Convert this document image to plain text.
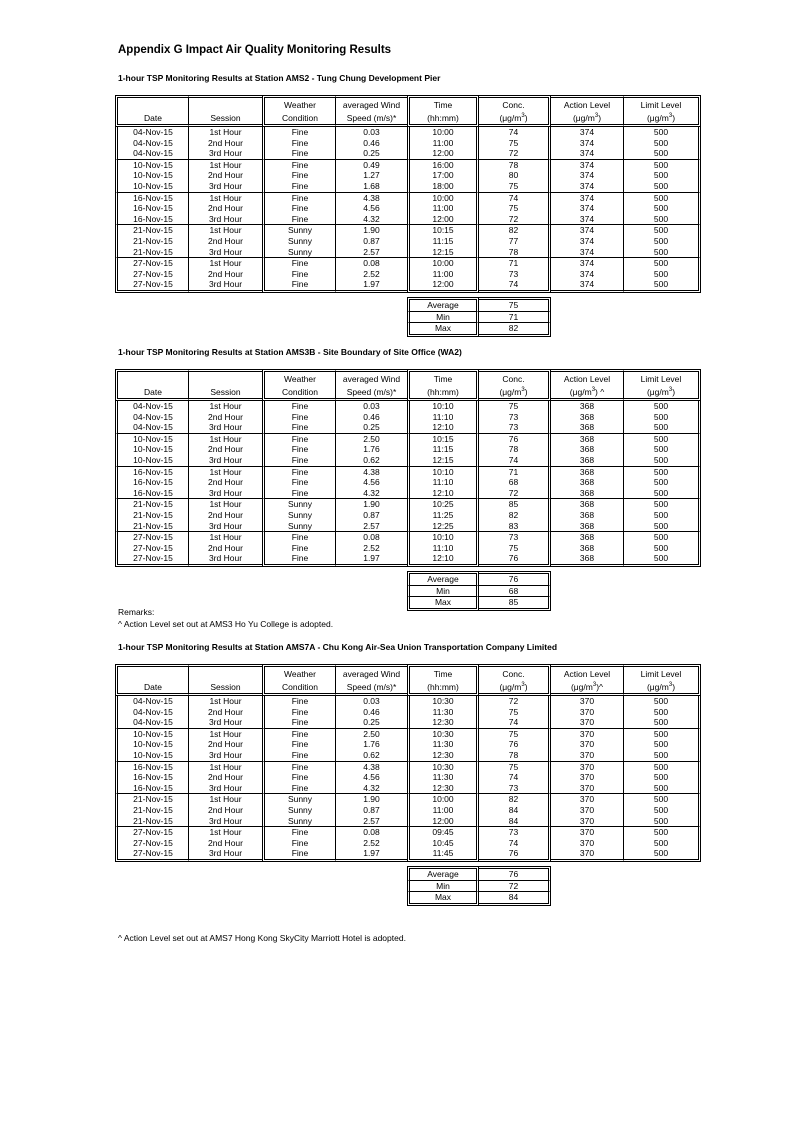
Appendix G Impact Air Quality Monitoring Results
1-hour TSP Monitoring Results at Station AMS2 - Tung Chung Development Pier
		Weather	averaged Wind	Time	Conc.	Action Level	Limit Level
Date	Session	Condition	Speed (m/s)*	(hh:mm)	$(\mu g/m^3)$	$(\mu g/m^3)$	$(\mu g/m^3)$
04-Nov-15	1st Hour	Fine	0.03	10:00	74	374	500
04-Nov-15	2nd Hour	Fine	0.46	11:00	75	374	500
04-Nov-15	3rd Hour	Fine	0.25	12:00	72	374	500
10-Nov-15	1st Hour	Fine	0.49	16:00	78	374	500
10-Nov-15	2nd Hour	Fine	1.27	17:00	80	374	500
10-Nov-15	3rd Hour	Fine	1.68	18:00	75	374	500
16-Nov-15	1st Hour	Fine	4.38	10:00	74	374	500
16-Nov-15	2nd Hour	Fine	4.56	11:00	75	374	500
16-Nov-15	3rd Hour	Fine	4.32	12:00	72	374	500
21-Nov-15	1st Hour	Sunny	1.90	10:15	82	374	500
21-Nov-15	2nd Hour	Sunny	0.87	11:15	77	374	500
21-Nov-15	3rd Hour	Sunny	2.57	12:15	78	374	500
27-Nov-15	1st Hour	Fine	0.08	10:00	71	374	500
27-Nov-15	2nd Hour	Fine	2.52	11:00	73	374	500
27-Nov-15	3rd Hour	Fine	1.97	12:00	74	374	500

				Average	75		
				Min	71		
				Max	82		
1-hour TSP Monitoring Results at Station AMS3B - Site Boundary of Site Office (WA2)
		Weather	averaged Wind	Time	Conc.	Action Level	Limit Level
Date	Session	Condition	Speed (m/s)*	(hh:mm)	$(\mu g/m^3)$	$(\mu g/m^3)$ ^	$(\mu g/m^3)$
04-Nov-15	1st Hour	Fine	0.03	10:10	75	368	500
04-Nov-15	2nd Hour	Fine	0.46	11:10	73	368	500
04-Nov-15	3rd Hour	Fine	0.25	12:10	73	368	500
10-Nov-15	1st Hour	Fine	2.50	10:15	76	368	500
10-Nov-15	2nd Hour	Fine	1.76	11:15	78	368	500
10-Nov-15	3rd Hour	Fine	0.62	12:15	74	368	500
16-Nov-15	1st Hour	Fine	4.38	10:10	71	368	500
16-Nov-15	2nd Hour	Fine	4.56	11:10	68	368	500
16-Nov-15	3rd Hour	Fine	4.32	12:10	72	368	500
21-Nov-15	1st Hour	Sunny	1.90	10:25	85	368	500
21-Nov-15	2nd Hour	Sunny	0.87	11:25	82	368	500
21-Nov-15	3rd Hour	Sunny	2.57	12:25	83	368	500
27-Nov-15	1st Hour	Fine	0.08	10:10	73	368	500
27-Nov-15	2nd Hour	Fine	2.52	11:10	75	368	500
27-Nov-15	3rd Hour	Fine	1.97	12:10	76	368	500

				Average	76		
				Min	68		
				Max	85		
Remarks:
^ Action Level set out at AMS3 Ho Yu College is adopted.
1-hour TSP Monitoring Results at Station AMS7A - Chu Kong Air-Sea Union Transportation Company Limited
		Weather	averaged Wind	Time	Conc.	Action Level	Limit Level
Date	Session	Condition	Speed (m/s)*	(hh:mm)	$(\mu g/m^3)$	$(\mu g/m^3)\^{}$	$(\mu g/m^3)$
04-Nov-15	1st Hour	Fine	0.03	10:30	72	370	500
04-Nov-15	2nd Hour	Fine	0.46	11:30	75	370	500
04-Nov-15	3rd Hour	Fine	0.25	12:30	74	370	500
10-Nov-15	1st Hour	Fine	2.50	10:30	75	370	500
10-Nov-15	2nd Hour	Fine	1.76	11:30	76	370	500
10-Nov-15	3rd Hour	Fine	0.62	12:30	78	370	500
16-Nov-15	1st Hour	Fine	4.38	10:30	75	370	500
16-Nov-15	2nd Hour	Fine	4.56	11:30	74	370	500
16-Nov-15	3rd Hour	Fine	4.32	12:30	73	370	500
21-Nov-15	1st Hour	Sunny	1.90	10:00	82	370	500
21-Nov-15	2nd Hour	Sunny	0.87	11:00	84	370	500
21-Nov-15	3rd Hour	Sunny	2.57	12:00	84	370	500
27-Nov-15	1st Hour	Fine	0.08	09:45	73	370	500
27-Nov-15	2nd Hour	Fine	2.52	10:45	74	370	500
27-Nov-15	3rd Hour	Fine	1.97	11:45	76	370	500

				Average	76		
				Min	72		
				Max	84		
^ Action Level set out at AMS7 Hong Kong SkyCity Marriott Hotel is adopted.
